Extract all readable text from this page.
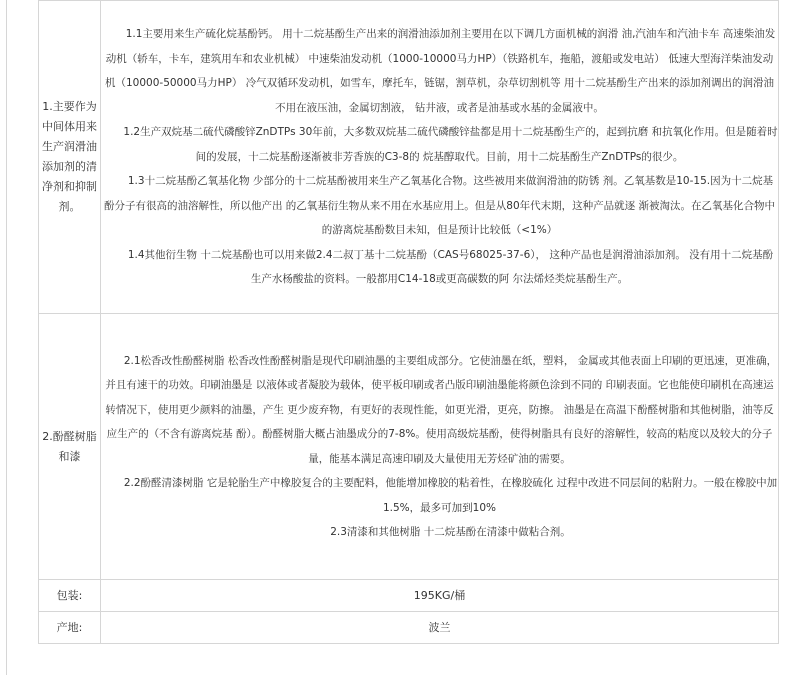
1.主要作为中间体用来生产润滑油添加剂的清净剂和抑制剂。	1.1主要用来生产硫化烷基酚钙。 用十二烷基酚生产出来的润滑油添加剂主要用在以下调几方面机械的润滑 油,汽油车和汽油卡车 高速柴油发动机（轿车，卡车，建筑用车和农业机械） 中速柴油发动机（1000-10000马力HP）（铁路机车，拖船，渡船或发电站） 低速大型海洋柴油发动机（10000-50000马力HP） 冷气双循环发动机，如雪车，摩托车，链锯，割草机，杂草切割机等 用十二烷基酚生产出来的添加剂调出的润滑油不用在液压油，金属切割液， 钻井液，或者是油基或水基的金属液中。

1.2生产双烷基二硫代磷酸锌ZnDTPs 30年前，大多数双烷基二硫代磷酸锌盐都是用十二烷基酚生产的，起到抗磨 和抗氧化作用。但是随着时间的发展，十二烷基酚逐渐被非芳香族的C3-8的 烷基醇取代。目前，用十二烷基酚生产ZnDTPs的很少。

1.3十二烷基酚乙氧基化物 少部分的十二烷基酚被用来生产乙氧基化合物。这些被用来做润滑油的防锈 剂。乙氧基数是10-15.因为十二烷基酚分子有很高的油溶解性，所以他产出 的乙氧基衍生物从来不用在水基应用上。但是从80年代末期，这种产品就逐 渐被淘汰。在乙氧基化合物中的游离烷基酚数目未知，但是预计比较低（<1%）

1.4其他衍生物 十二烷基酚也可以用来做2.4二叔丁基十二烷基酚（CAS号68025-37-6）， 这种产品也是润滑油添加剂。 没有用十二烷基酚生产水杨酸盐的资料。一般都用C14-18或更高碳数的阿 尔法烯烃类烷基酚生产。

2.酚醛树脂和漆	2.1松香改性酚醛树脂 松香改性酚醛树脂是现代印刷油墨的主要组成部分。它使油墨在纸，塑料， 金属或其他表面上印刷的更迅速，更准确，并且有速干的功效。印刷油墨是 以液体或者凝胶为载体，使平板印刷或者凸版印刷油墨能将颜色涂到不同的 印刷表面。它也能使印刷机在高速运转情况下，使用更少颜料的油墨，产生 更少废弃物，有更好的表现性能，如更光滑，更亮，防擦。 油墨是在高温下酚醛树脂和其他树脂，油等反应生产的（不含有游离烷基 酚）。酚醛树脂大概占油墨成分的7-8%。使用高级烷基酚，使得树脂具有良好的溶解性，较高的粘度以及较大的分子 量，能基本满足高速印刷及大量使用无芳烃矿油的需要。

2.2酚醛清漆树脂 它是轮胎生产中橡胶复合的主要配料，他能增加橡胶的粘着性，在橡胶硫化 过程中改进不同层间的粘附力。一般在橡胶中加1.5%，最多可加到10%

2.3清漆和其他树脂 十二烷基酚在清漆中做粘合剂。

包装:	195KG/桶
产地:	波兰
